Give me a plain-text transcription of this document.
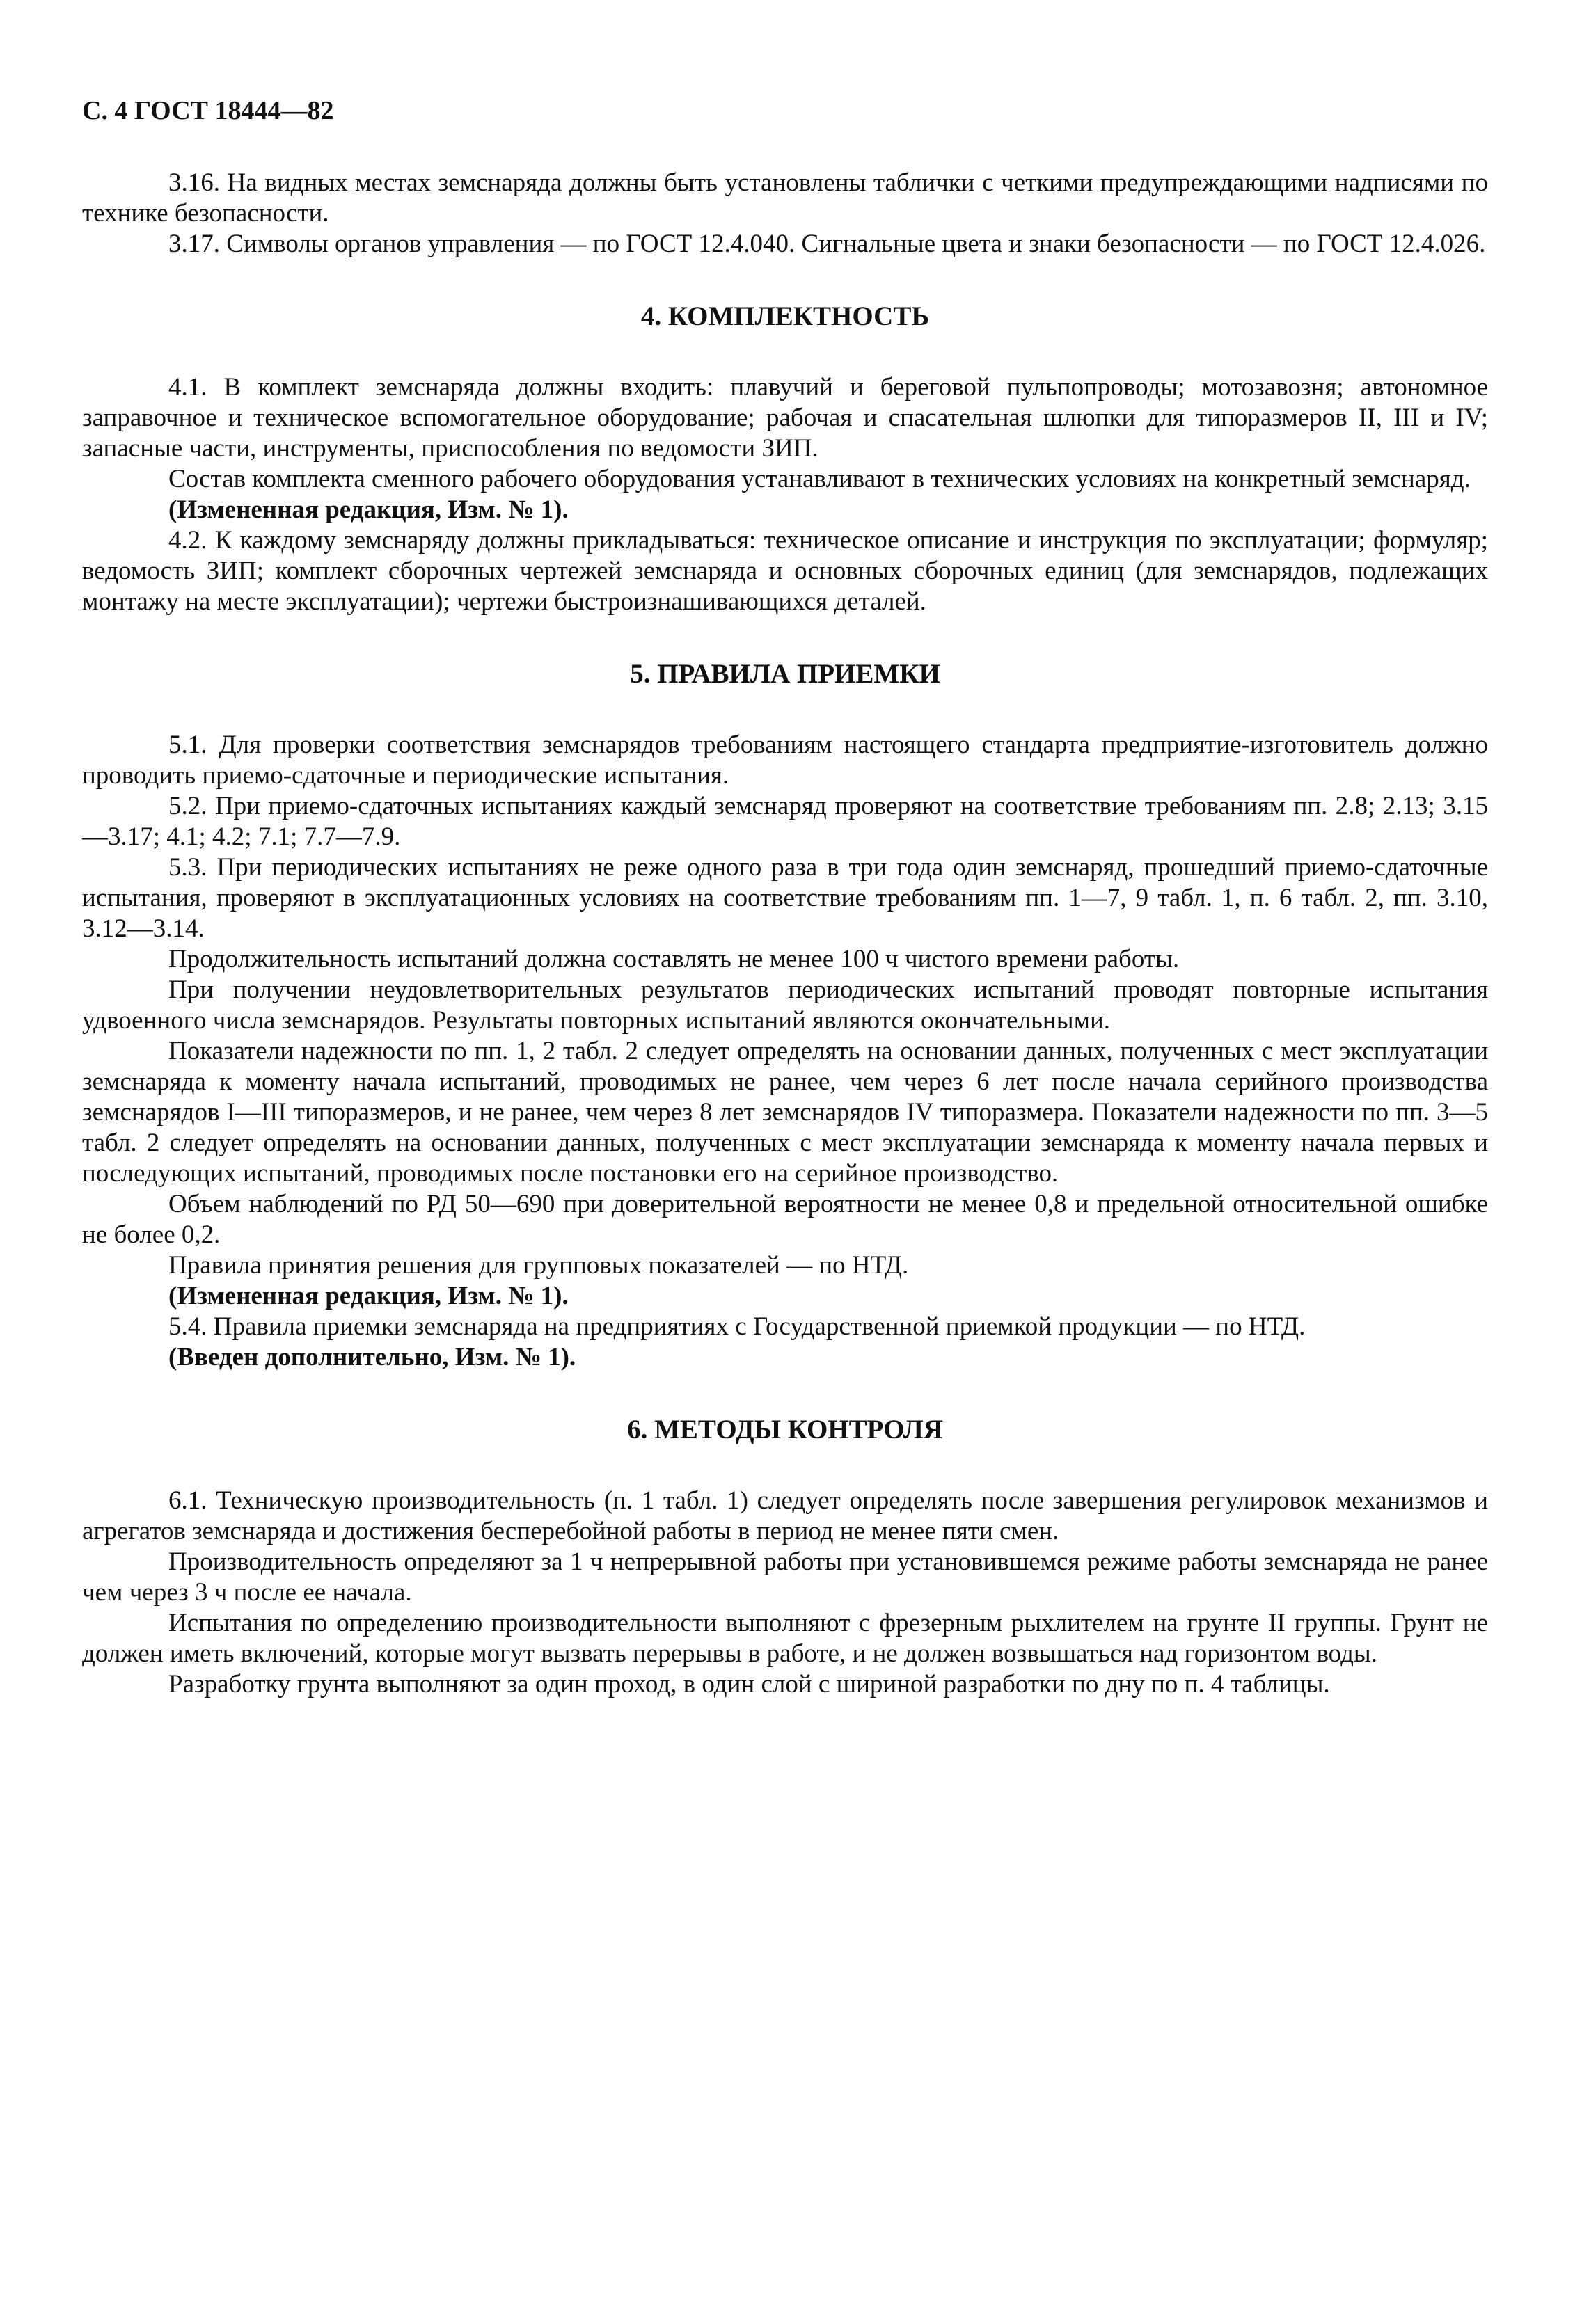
С. 4 ГОСТ 18444—82

3.16. На видных местах земснаряда должны быть установлены таблички с четкими предупреждающими надписями по технике безопасности.

3.17. Символы органов управления — по ГОСТ 12.4.040. Сигнальные цвета и знаки безопасности — по ГОСТ 12.4.026.

4. КОМПЛЕКТНОСТЬ

4.1. В комплект земснаряда должны входить: плавучий и береговой пульпопроводы; мотозавозня; автономное заправочное и техническое вспомогательное оборудование; рабочая и спасательная шлюпки для типоразмеров II, III и IV; запасные части, инструменты, приспособления по ведомости ЗИП.

Состав комплекта сменного рабочего оборудования устанавливают в технических условиях на конкретный земснаряд.

(Измененная редакция, Изм. № 1).

4.2. К каждому земснаряду должны прикладываться: техническое описание и инструкция по эксплуатации; формуляр; ведомость ЗИП; комплект сборочных чертежей земснаряда и основных сборочных единиц (для земснарядов, подлежащих монтажу на месте эксплуатации); чертежи быстроизнашивающихся деталей.

5. ПРАВИЛА ПРИЕМКИ

5.1. Для проверки соответствия земснарядов требованиям настоящего стандарта предприятие-изготовитель должно проводить приемо-сдаточные и периодические испытания.

5.2. При приемо-сдаточных испытаниях каждый земснаряд проверяют на соответствие требованиям пп. 2.8; 2.13; 3.15—3.17; 4.1; 4.2; 7.1; 7.7—7.9.

5.3. При периодических испытаниях не реже одного раза в три года один земснаряд, прошедший приемо-сдаточные испытания, проверяют в эксплуатационных условиях на соответствие требованиям пп. 1—7, 9 табл. 1, п. 6 табл. 2, пп. 3.10, 3.12—3.14.

Продолжительность испытаний должна составлять не менее 100 ч чистого времени работы.

При получении неудовлетворительных результатов периодических испытаний проводят повторные испытания удвоенного числа земснарядов. Результаты повторных испытаний являются окончательными.

Показатели надежности по пп. 1, 2 табл. 2 следует определять на основании данных, полученных с мест эксплуатации земснаряда к моменту начала испытаний, проводимых не ранее, чем через 6 лет после начала серийного производства земснарядов I—III типоразмеров, и не ранее, чем через 8 лет земснарядов IV типоразмера. Показатели надежности по пп. 3—5 табл. 2 следует определять на основании данных, полученных с мест эксплуатации земснаряда к моменту начала первых и последующих испытаний, проводимых после постановки его на серийное производство.

Объем наблюдений по РД 50—690 при доверительной вероятности не менее 0,8 и предельной относительной ошибке не более 0,2.

Правила принятия решения для групповых показателей — по НТД.

(Измененная редакция, Изм. № 1).

5.4. Правила приемки земснаряда на предприятиях с Государственной приемкой продукции — по НТД.

(Введен дополнительно, Изм. № 1).

6. МЕТОДЫ КОНТРОЛЯ

6.1. Техническую производительность (п. 1 табл. 1) следует определять после завершения регулировок механизмов и агрегатов земснаряда и достижения бесперебойной работы в период не менее пяти смен.

Производительность определяют за 1 ч непрерывной работы при установившемся режиме работы земснаряда не ранее чем через 3 ч после ее начала.

Испытания по определению производительности выполняют с фрезерным рыхлителем на грунте II группы. Грунт не должен иметь включений, которые могут вызвать перерывы в работе, и не должен возвышаться над горизонтом воды.

Разработку грунта выполняют за один проход, в один слой с шириной разработки по дну по п. 4 таблицы.
